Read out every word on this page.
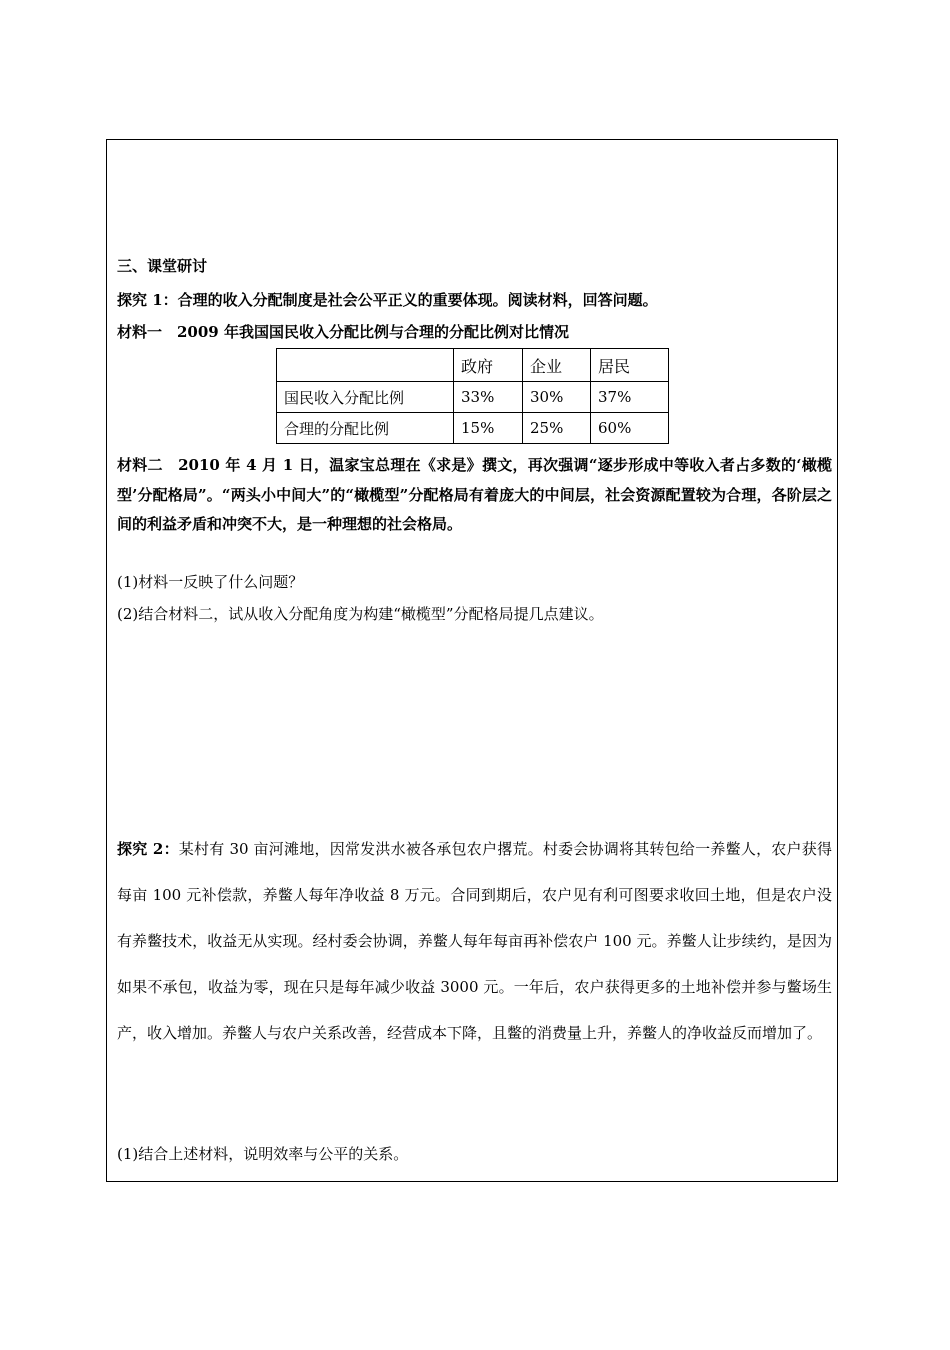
三、课堂研讨
探究 1：合理的收入分配制度是社会公平正义的重要体现。阅读材料，回答问题。
材料一　2009 年我国国民收入分配比例与合理的分配比例对比情况
	政府	企业	居民
国民收入分配比例	33%	30%	37%
合理的分配比例	15%	25%	60%
材料二　2010 年 4 月 1 日，温家宝总理在《求是》撰文，再次强调“逐步形成中等收入者占多数的‘橄榄型’分配格局”。“两头小中间大”的“橄榄型”分配格局有着庞大的中间层，社会资源配置较为合理，各阶层之间的利益矛盾和冲突不大，是一种理想的社会格局。
(1)材料一反映了什么问题？
(2)结合材料二，试从收入分配角度为构建“橄榄型”分配格局提几点建议。
探究 2：某村有 30 亩河滩地，因常发洪水被各承包农户撂荒。村委会协调将其转包给一养鳖人，农户获得每亩 100 元补偿款，养鳖人每年净收益 8 万元。合同到期后，农户见有利可图要求收回土地，但是农户没有养鳖技术，收益无从实现。经村委会协调，养鳖人每年每亩再补偿农户 100 元。养鳖人让步续约，是因为如果不承包，收益为零，现在只是每年减少收益 3000 元。一年后，农户获得更多的土地补偿并参与鳖场生产，收入增加。养鳖人与农户关系改善，经营成本下降，且鳖的消费量上升，养鳖人的净收益反而增加了。
(1)结合上述材料，说明效率与公平的关系。
